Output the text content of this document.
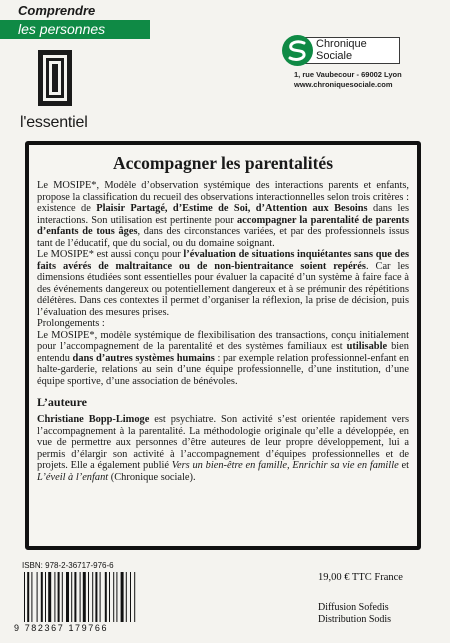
Comprendre
les personnes
l'essentiel
Chronique
Sociale
1, rue Vaubecour - 69002 Lyon
www.chroniquesociale.com
Accompagner les parentalités

Le MOSIPE*, Modèle d’observation systémique des interactions parents et enfants, propose la classification du recueil des observations interactionnelles selon trois critères : existence de Plaisir Partagé, d’Estime de Soi, d’Attention aux Besoins dans les interactions. Son utilisation est pertinente pour accompagner la parentalité de parents d’enfants de tous âges, dans des circonstances variées, et par des professionnels issus tant de l’éducatif, que du social, ou du domaine soignant.

Le MOSIPE* est aussi conçu pour l’évaluation de situations inquiétantes sans que des faits avérés de maltraitance ou de non-bientraitance soient repérés. Car les dimensions étudiées sont essentielles pour évaluer la capacité d’un système à faire face à des événements dangereux ou potentiellement dangereux et à se prémunir des répétitions délétères. Dans ces contextes il permet d’organiser la réflexion, la prise de décision, puis l’évaluation des mesures prises.

Prolongements :

Le MOSIPE*, modèle systémique de flexibilisation des transactions, conçu initialement pour l’accompagnement de la parentalité et des systèmes familiaux est utilisable bien entendu dans d’autres systèmes humains : par exemple relation professionnel-enfant en halte-garderie, relations au sein d’une équipe professionnelle, d’une institution, d’une équipe sportive, d’une association de bénévoles.

L’auteure

Christiane Bopp-Limoge est psychiatre. Son activité s’est orientée rapidement vers l’accompagnement à la parentalité. La méthodologie originale qu’elle a développée, en vue de permettre aux personnes d’être auteures de leur propre développement, lui a permis d’élargir son activité à l’accompagnement d’équipes professionnelles et de projets. Elle a également publié Vers un bien-être en famille, Enrichir sa vie en famille et L’éveil à l’enfant (Chronique sociale).

ISBN: 978-2-36717-976-6
9 782367 179766
19,00 € TTC France
Diffusion Sofedis
Distribution Sodis
